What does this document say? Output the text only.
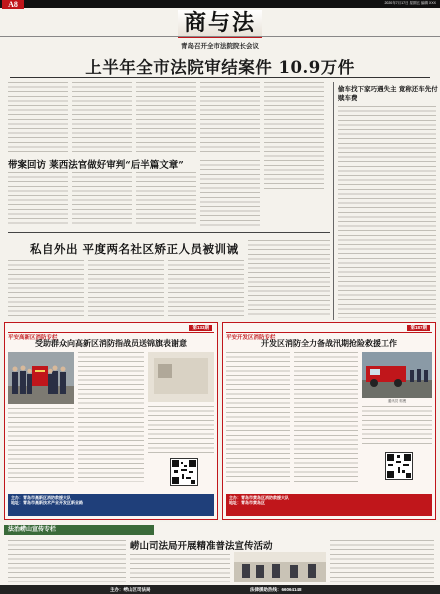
A8	2020年7月17日 星期五 编辑 XXX
商与法
青岛召开全市法院院长会议
上半年全市法院审结案件 10.9万件
带案回访 莱西法官做好审判“后半篇文章”
私自外出 平度两名社区矫正人员被训诫
偷车找下家巧遇失主 竟称还车先付赎车费
平安高新区消防专栏
第133期
受助群众向高新区消防指战员送锦旗表谢意
主办：青岛市高新区消防救援大队
地址：青岛市高新技术产业开发区新业路
平安开发区消防专栏
第187期
开发区消防全力备战汛期抢险救援工作
通讯员 郭俊
主办：青岛市黄岛区消防救援大队
地址：青岛市黄岛区
法治崂山宣传专栏
崂山司法局开展精准普法宣传活动
主办：崂山区司法局	法律援助热线：66064148
